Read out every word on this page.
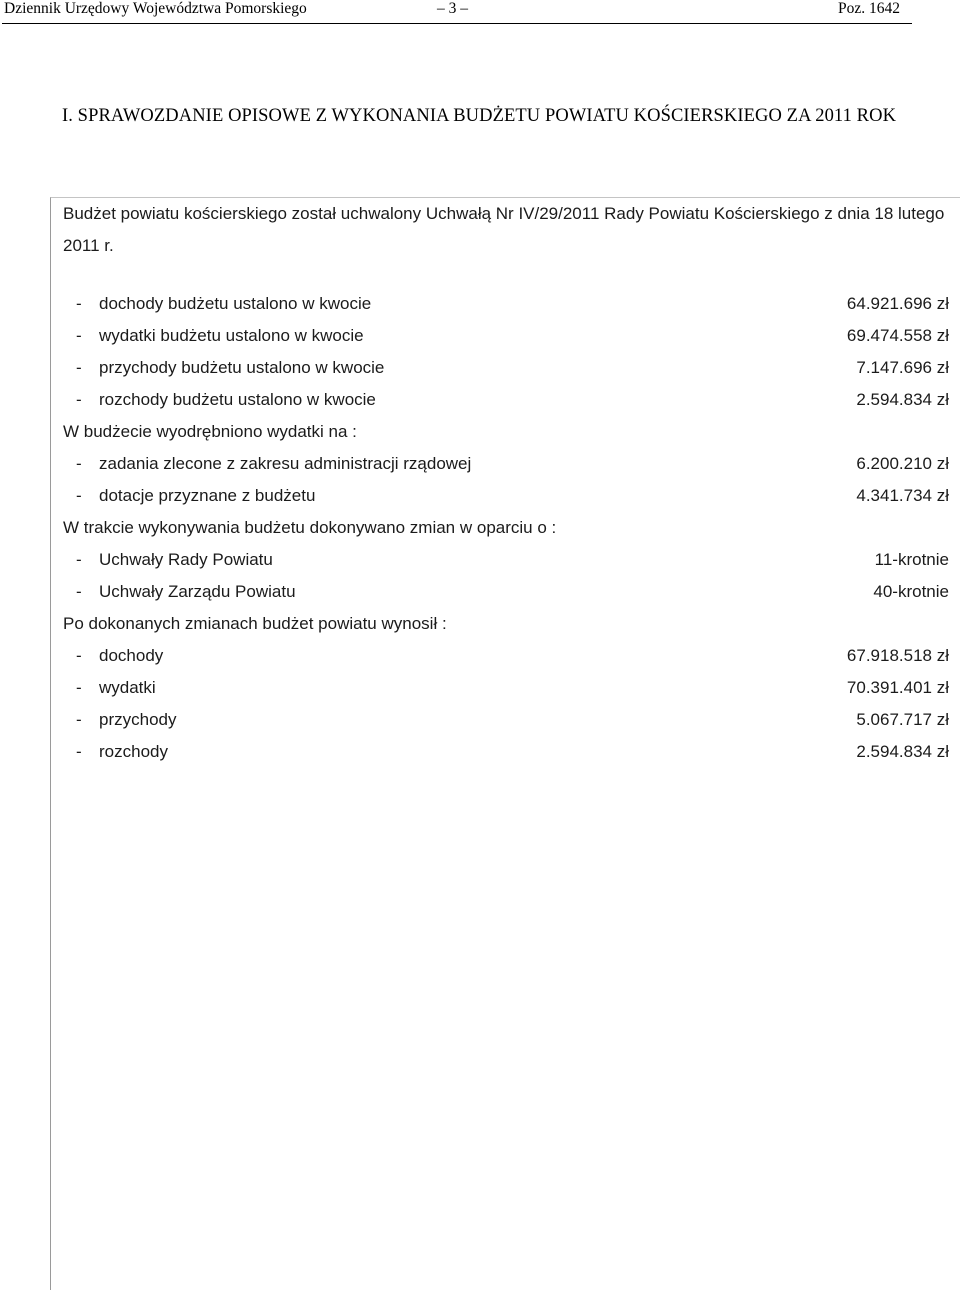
Dziennik Urzędowy Województwa Pomorskiego	– 3 –	Poz. 1642
I. SPRAWOZDANIE OPISOWE Z WYKONANIA BUDŻETU POWIATU KOŚCIERSKIEGO ZA 2011 ROK
Budżet powiatu kościerskiego został uchwalony Uchwałą Nr IV/29/2011 Rady Powiatu Kościerskiego z dnia 18 lutego 2011 r.
- dochody budżetu ustalono w kwocie	64.921.696 zł
- wydatki budżetu ustalono w kwocie	69.474.558 zł
- przychody budżetu ustalono w kwocie	7.147.696 zł
- rozchody budżetu ustalono w kwocie	2.594.834 zł
W budżecie wyodrębniono wydatki na :
- zadania zlecone z zakresu administracji rządowej	6.200.210 zł
- dotacje przyznane z budżetu	4.341.734 zł
W trakcie wykonywania budżetu dokonywano zmian w oparciu o :
- Uchwały Rady Powiatu	11-krotnie
- Uchwały Zarządu Powiatu	40-krotnie
Po dokonanych zmianach budżet powiatu wynosił :
- dochody	67.918.518 zł
- wydatki	70.391.401 zł
- przychody	5.067.717 zł
- rozchody	2.594.834 zł
